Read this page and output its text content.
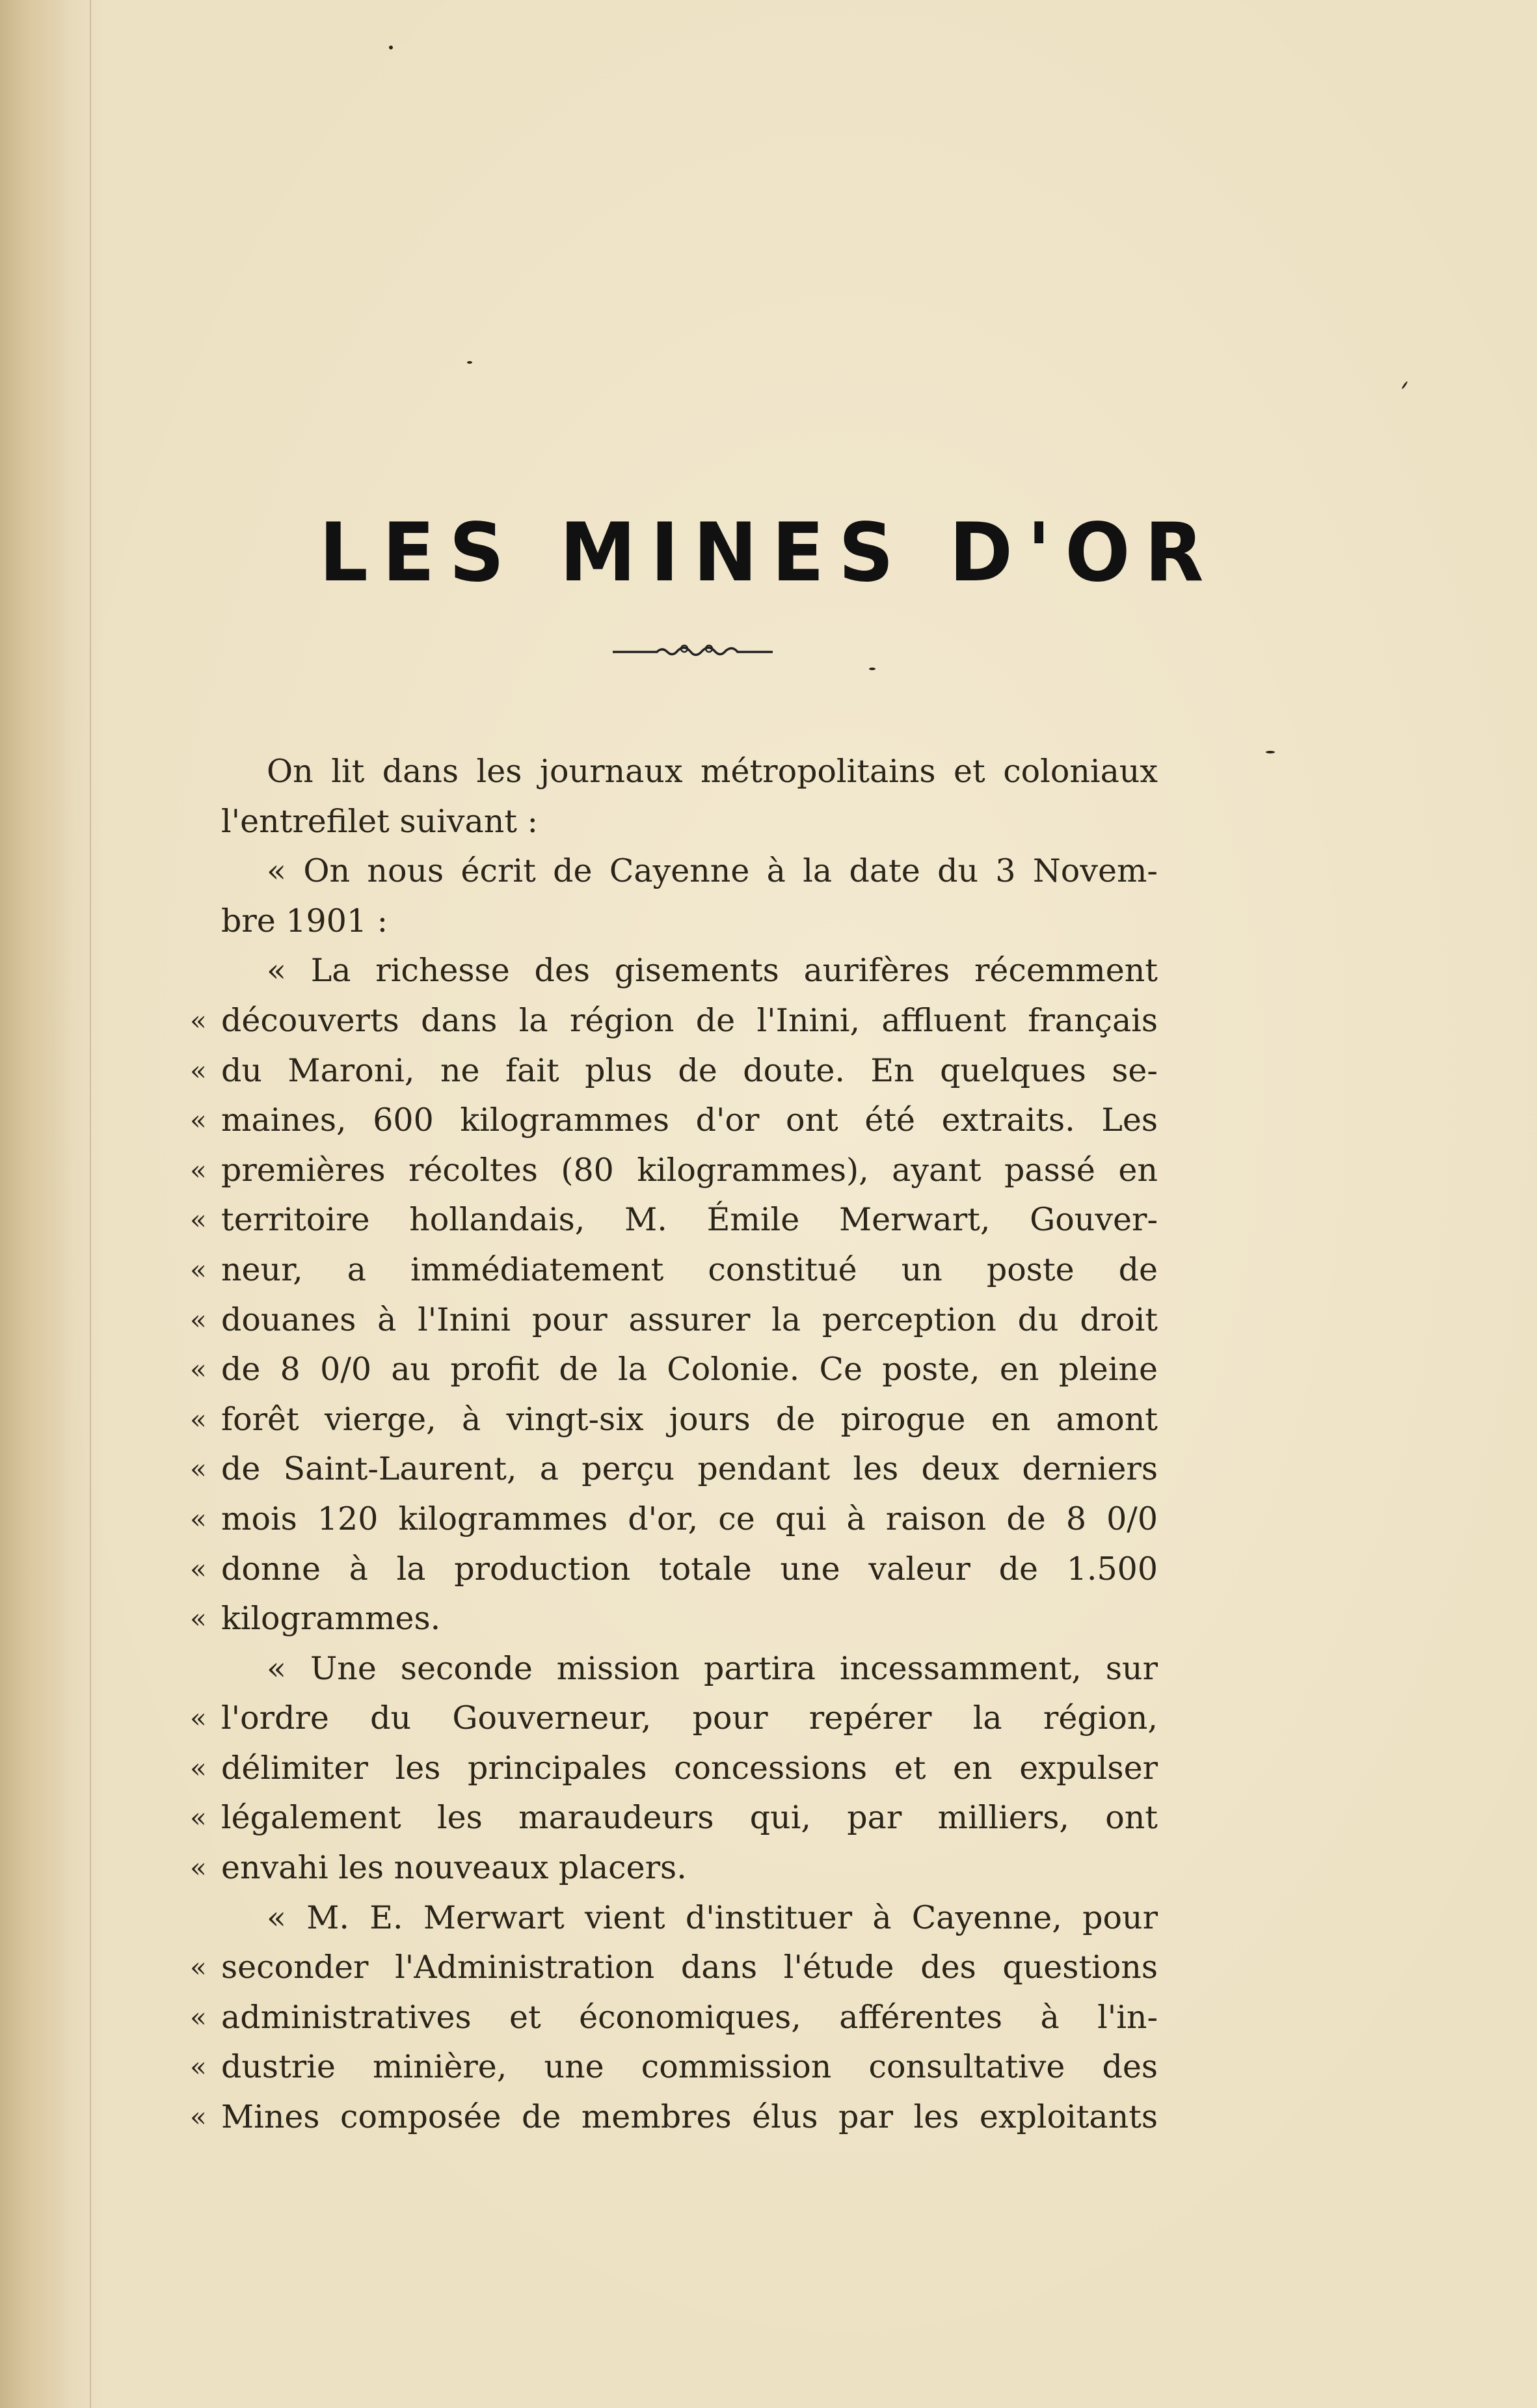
LES MINES D'OR
On lit dans les journaux métropolitains et coloniaux
l'entrefilet suivant :
« On nous écrit de Cayenne à la date du 3 Novem-
bre 1901 :
« La richesse des gisements aurifères récemment
« découverts dans la région de l'Inini, affluent français
« du Maroni, ne fait plus de doute. En quelques se-
« maines, 600 kilogrammes d'or ont été extraits. Les
« premières récoltes (80 kilogrammes), ayant passé en
« territoire hollandais, M. Émile Merwart, Gouver-
« neur, a immédiatement constitué un poste de
« douanes à l'Inini pour assurer la perception du droit
« de 8 0/0 au profit de la Colonie. Ce poste, en pleine
« forêt vierge, à vingt-six jours de pirogue en amont
« de Saint-Laurent, a perçu pendant les deux derniers
« mois 120 kilogrammes d'or, ce qui à raison de 8 0/0
« donne à la production totale une valeur de 1.500
« kilogrammes.
« Une seconde mission partira incessamment, sur
« l'ordre du Gouverneur, pour repérer la région,
« délimiter les principales concessions et en expulser
« légalement les maraudeurs qui, par milliers, ont
« envahi les nouveaux placers.
« M. E. Merwart vient d'instituer à Cayenne, pour
« seconder l'Administration dans l'étude des questions
« administratives et économiques, afférentes à l'in-
« dustrie minière, une commission consultative des
« Mines composée de membres élus par les exploitants
